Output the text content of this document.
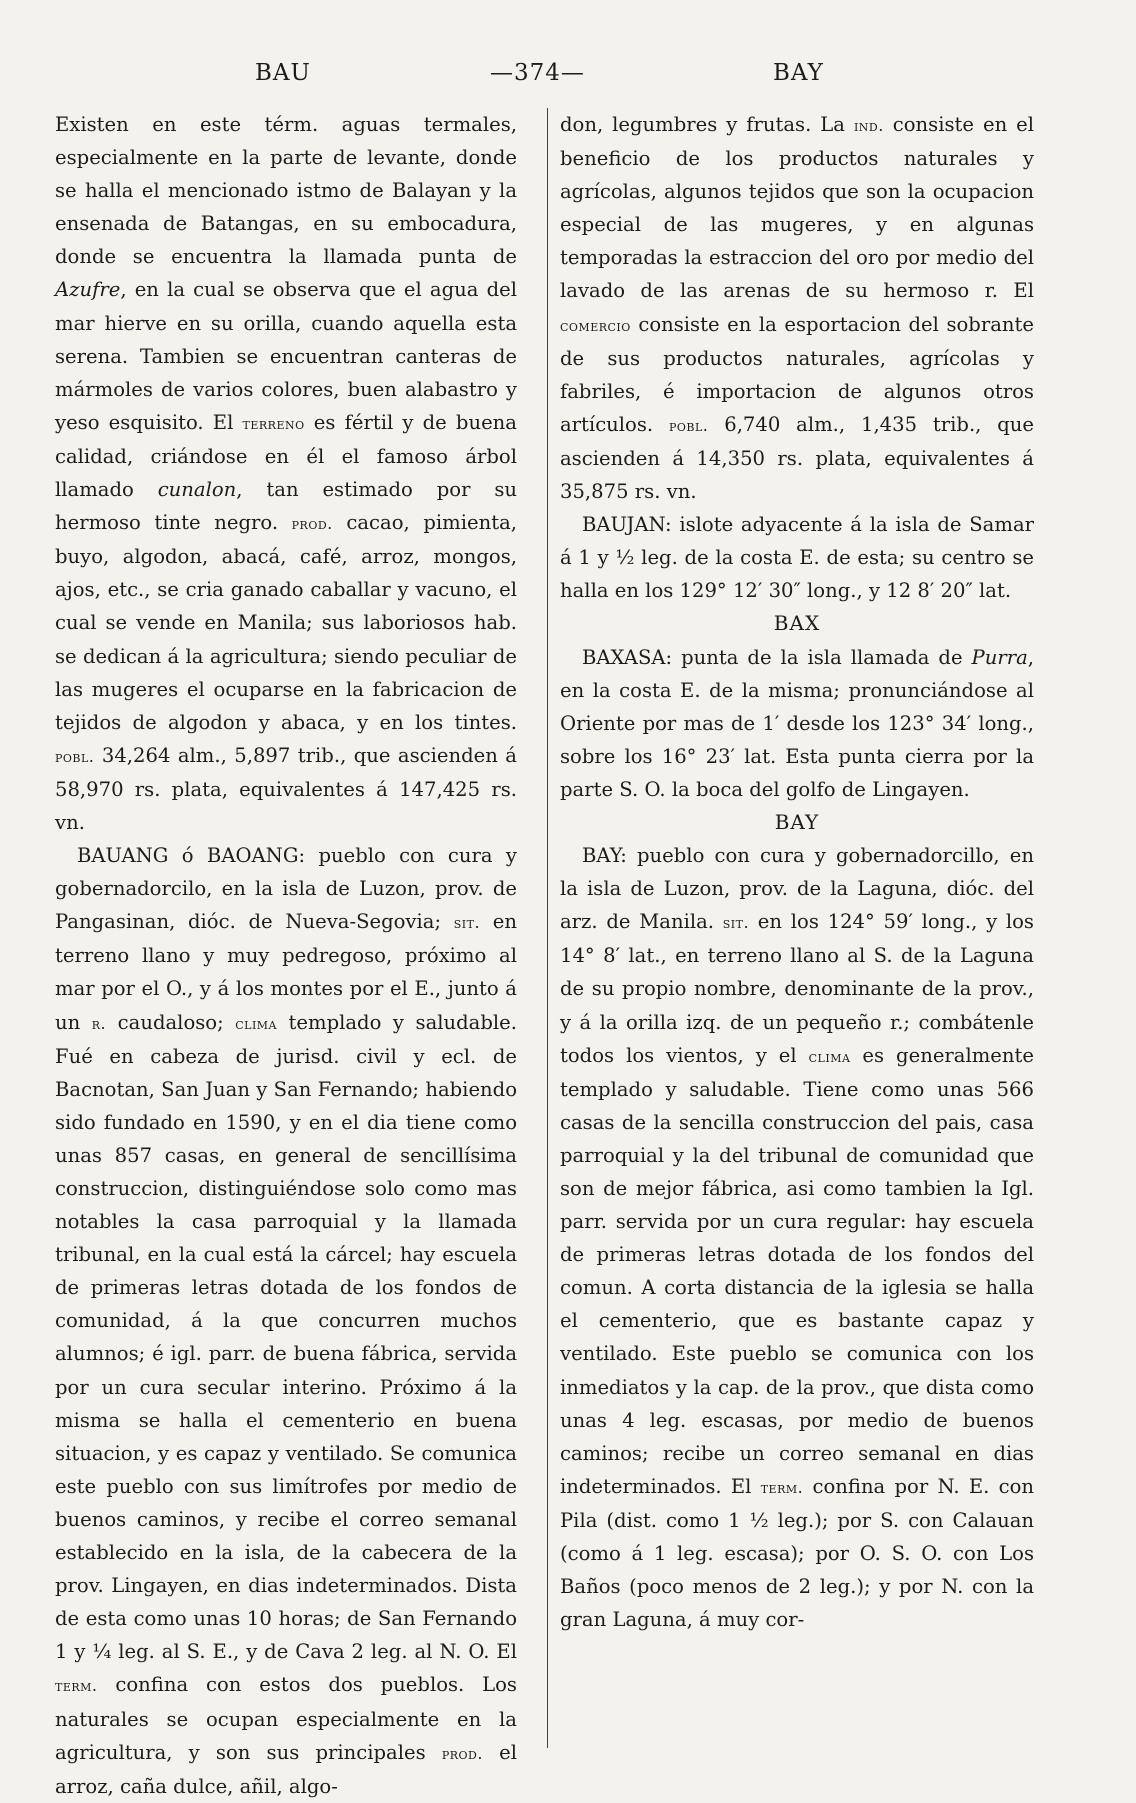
BAU	—374—	BAY

Existen en este térm. aguas termales, especialmente en la parte de levante, donde se halla el mencionado istmo de Balayan y la ensenada de Batangas, en su embocadura, donde se encuentra la llamada punta de Azufre, en la cual se observa que el agua del mar hierve en su orilla, cuando aquella esta serena. Tambien se encuentran canteras de mármoles de varios colores, buen alabastro y yeso esquisito. El terreno es fértil y de buena calidad, criándose en él el famoso árbol llamado cunalon, tan estimado por su hermoso tinte negro. prod. cacao, pimienta, buyo, algodon, abacá, café, arroz, mongos, ajos, etc., se cria ganado caballar y vacuno, el cual se vende en Manila; sus laboriosos hab. se dedican á la agricultura; siendo peculiar de las mugeres el ocuparse en la fabricacion de tejidos de algodon y abaca, y en los tintes. pobl. 34,264 alm., 5,897 trib., que ascienden á 58,970 rs. plata, equivalentes á 147,425 rs. vn.

BAUANG ó BAOANG: pueblo con cura y gobernadorcilo, en la isla de Luzon, prov. de Pangasinan, dióc. de Nueva-Segovia; sit. en terreno llano y muy pedregoso, próximo al mar por el O., y á los montes por el E., junto á un r. caudaloso; clima templado y saludable. Fué en cabeza de jurisd. civil y ecl. de Bacnotan, San Juan y San Fernando; habiendo sido fundado en 1590, y en el dia tiene como unas 857 casas, en general de sencillísima construccion, distinguiéndose solo como mas notables la casa parroquial y la llamada tribunal, en la cual está la cárcel; hay escuela de primeras letras dotada de los fondos de comunidad, á la que concurren muchos alumnos; é igl. parr. de buena fábrica, servida por un cura secular interino. Próximo á la misma se halla el cementerio en buena situacion, y es capaz y ventilado. Se comunica este pueblo con sus limítrofes por medio de buenos caminos, y recibe el correo semanal establecido en la isla, de la cabecera de la prov. Lingayen, en dias indeterminados. Dista de esta como unas 10 horas; de San Fernando 1 y ¼ leg. al S. E., y de Cava 2 leg. al N. O. El term. confina con estos dos pueblos. Los naturales se ocupan especialmente en la agricultura, y son sus principales prod. el arroz, caña dulce, añil, algo-

don, legumbres y frutas. La ind. consiste en el beneficio de los productos naturales y agrícolas, algunos tejidos que son la ocupacion especial de las mugeres, y en algunas temporadas la estraccion del oro por medio del lavado de las arenas de su hermoso r. El comercio consiste en la esportacion del sobrante de sus productos naturales, agrícolas y fabriles, é importacion de algunos otros artículos. pobl. 6,740 alm., 1,435 trib., que ascienden á 14,350 rs. plata, equivalentes á 35,875 rs. vn.

BAUJAN: islote adyacente á la isla de Samar á 1 y ½ leg. de la costa E. de esta; su centro se halla en los 129° 12′ 30″ long., y 12 8′ 20″ lat.

BAX

BAXASA: punta de la isla llamada de Purra, en la costa E. de la misma; pronunciándose al Oriente por mas de 1′ desde los 123° 34′ long., sobre los 16° 23′ lat. Esta punta cierra por la parte S. O. la boca del golfo de Lingayen.

BAY

BAY: pueblo con cura y gobernadorcillo, en la isla de Luzon, prov. de la Laguna, dióc. del arz. de Manila. sit. en los 124° 59′ long., y los 14° 8′ lat., en terreno llano al S. de la Laguna de su propio nombre, denominante de la prov., y á la orilla izq. de un pequeño r.; combátenle todos los vientos, y el clima es generalmente templado y saludable. Tiene como unas 566 casas de la sencilla construccion del pais, casa parroquial y la del tribunal de comunidad que son de mejor fábrica, asi como tambien la Igl. parr. servida por un cura regular: hay escuela de primeras letras dotada de los fondos del comun. A corta distancia de la iglesia se halla el cementerio, que es bastante capaz y ventilado. Este pueblo se comunica con los inmediatos y la cap. de la prov., que dista como unas 4 leg. escasas, por medio de buenos caminos; recibe un correo semanal en dias indeterminados. El term. confina por N. E. con Pila (dist. como 1 ½ leg.); por S. con Calauan (como á 1 leg. escasa); por O. S. O. con Los Baños (poco menos de 2 leg.); y por N. con la gran Laguna, á muy cor-
